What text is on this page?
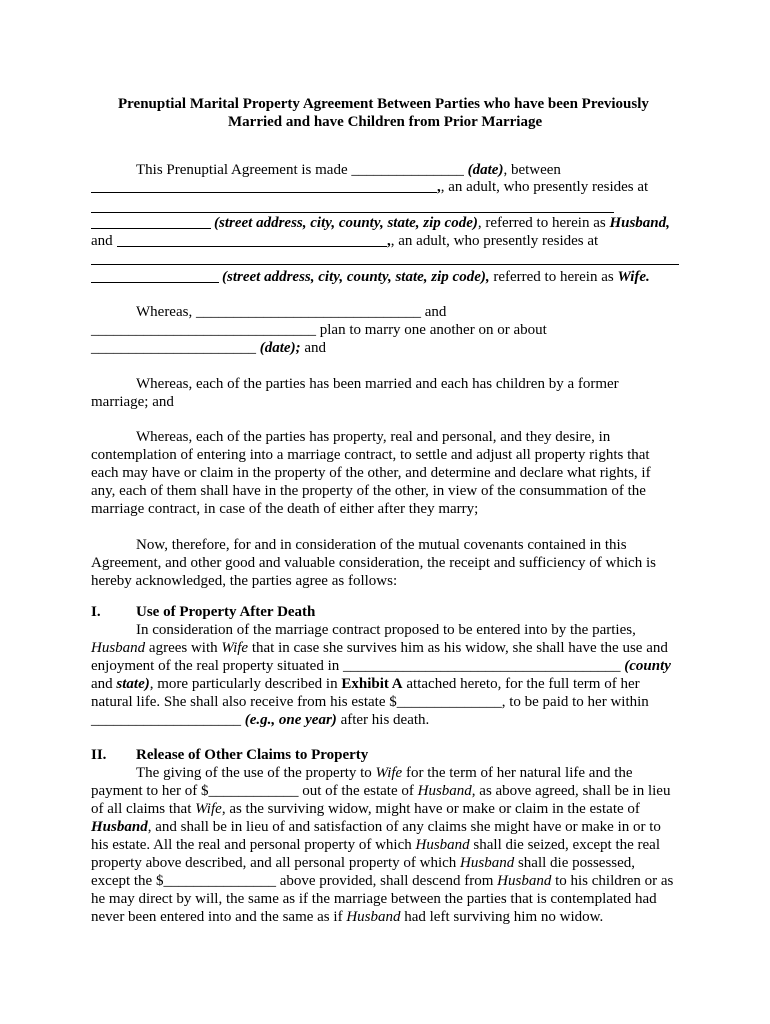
Prenuptial Marital Property Agreement Between Parties who have been Previously
Married and have Children from Prior Marriage
This Prenuptial Agreement is made _______________ (date), between
,, an adult, who presently resides at
(street address, city, county, state, zip code), referred to herein as Husband,
and	,, an adult, who presently resides at
(street address, city, county, state, zip code), referred to herein as Wife.
Whereas, ______________________________ and
______________________________ plan to marry one another on or about
______________________ (date); and
Whereas, each of the parties has been married and each has children by a former
marriage; and
Whereas, each of the parties has property, real and personal, and they desire, in
contemplation of entering into a marriage contract, to settle and adjust all property rights that
each may have or claim in the property of the other, and determine and declare what rights, if
any, each of them shall have in the property of the other, in view of the consummation of the
marriage contract, in case of the death of either after they marry;
Now, therefore, for and in consideration of the mutual covenants contained in this
Agreement, and other good and valuable consideration, the receipt and sufficiency of which is
hereby acknowledged, the parties agree as follows:
I. Use of Property After Death
In consideration of the marriage contract proposed to be entered into by the parties,
Husband agrees with Wife that in case she survives him as his widow, she shall have the use and
enjoyment of the real property situated in _____________________________________ (county
and state), more particularly described in Exhibit A attached hereto, for the full term of her
natural life. She shall also receive from his estate $______________, to be paid to her within
____________________ (e.g., one year) after his death.
II. Release of Other Claims to Property
The giving of the use of the property to Wife for the term of her natural life and the
payment to her of $____________ out of the estate of Husband, as above agreed, shall be in lieu
of all claims that Wife, as the surviving widow, might have or make or claim in the estate of
Husband, and shall be in lieu of and satisfaction of any claims she might have or make in or to
his estate. All the real and personal property of which Husband shall die seized, except the real
property above described, and all personal property of which Husband shall die possessed,
except the $_______________ above provided, shall descend from Husband to his children or as
he may direct by will, the same as if the marriage between the parties that is contemplated had
never been entered into and the same as if Husband had left surviving him no widow.
